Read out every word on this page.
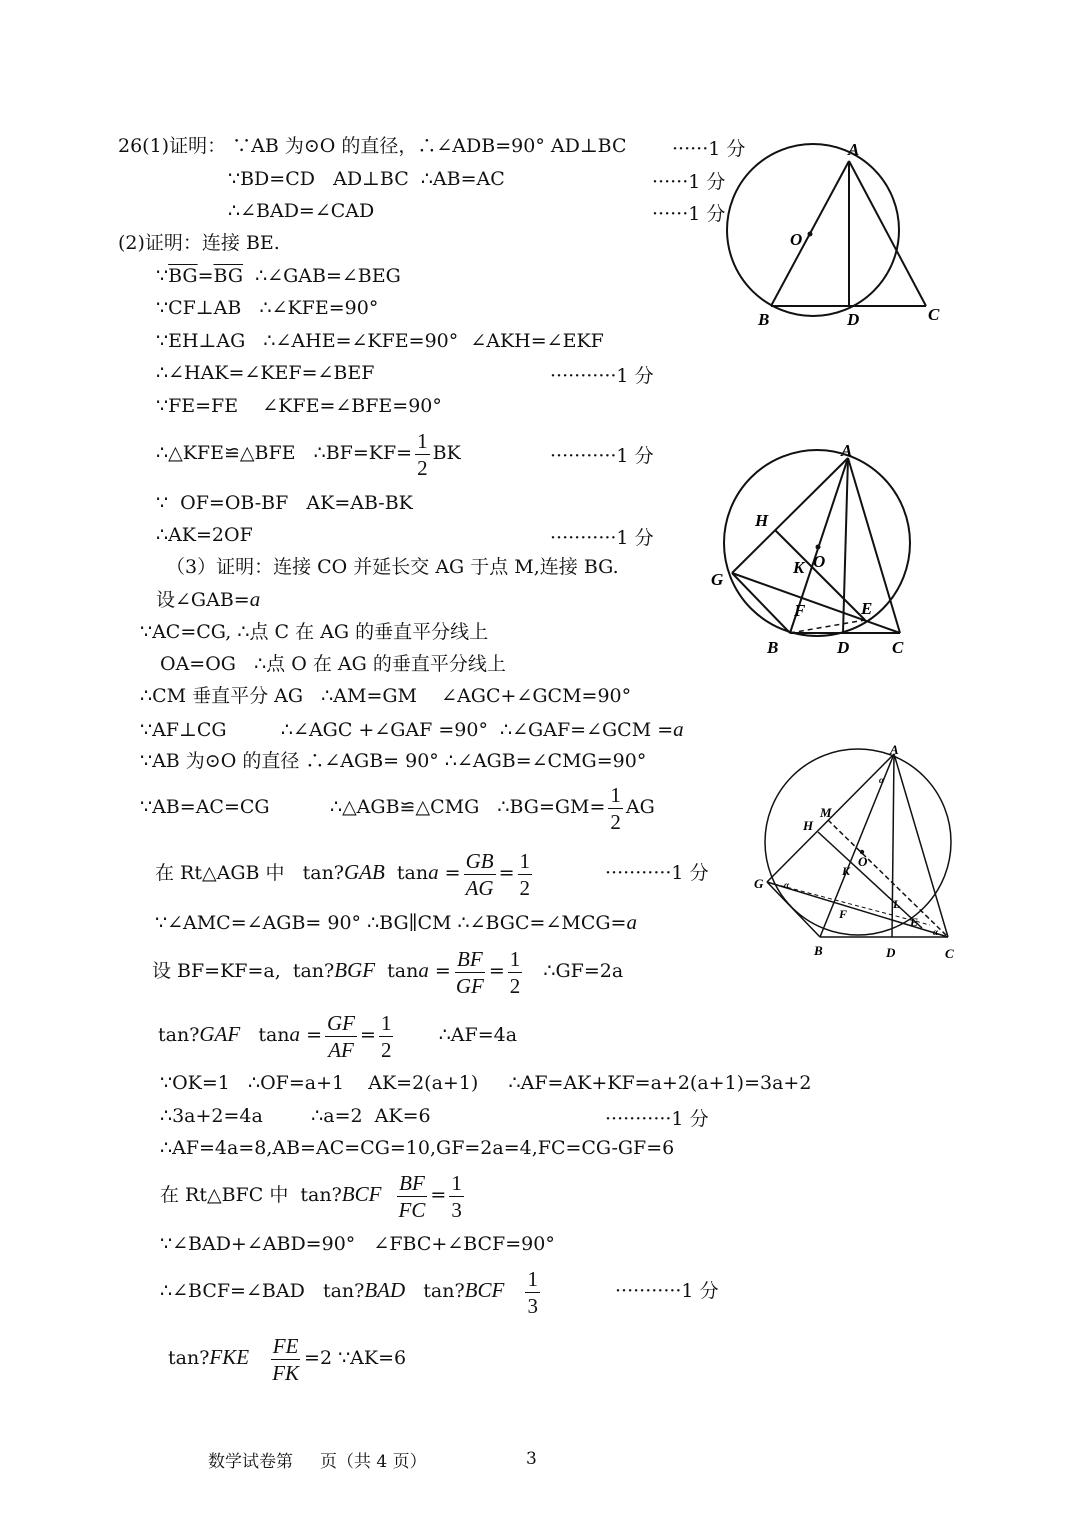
26(1)证明： ∵AB 为⊙O 的直径，∴∠ADB=90° AD⊥BC ······1 分
∵BD=CD   AD⊥BC  ∴AB=AC	······1 分
∴∠BAD=∠CAD	······1 分
(2)证明：连接 BE.
$\because\overline{BG}=\overline{BG}$  ∴∠GAB=∠BEG
∵CF⊥AB   ∴∠KFE=90°
∵EH⊥AG   ∴∠AHE=∠KFE=90°  ∠AKH=∠EKF
∴∠HAK=∠KEF=∠BEF	···········1 分
∵FE=FE    ∠KFE=∠BFE=90°
∴△KFE≌△BFE   ∴BF=KF= $\frac{1}{2}$ BK	···········1 分
∵  OF=OB-BF   AK=AB-BK
∴AK=2OF	···········1 分
（3）证明：连接 CO 并延长交 AG 于点 M,连接 BG.
设∠GAB=a
∵AC=CG, ∴点 C 在 AG 的垂直平分线上
OA=OG   ∴点 O 在 AG 的垂直平分线上
∴CM 垂直平分 AG   ∴AM=GM    ∠AGC+∠GCM=90°
∵AF⊥CG         ∴∠AGC +∠GAF =90°  ∴∠GAF=∠GCM =a
∵AB 为⊙O 的直径 ∴∠AGB= 90° ∴∠AGB=∠CMG=90°
∵AB=AC=CG          ∴△AGB≌△CMG   ∴BG=GM= $\frac{1}{2}$ AG
在 Rt△AGB 中   tan?GAB  $\tan a = \frac{GB}{AG} = \frac{1}{2}$	···········1 分
∵∠AMC=∠AGB= 90° ∴BG∥CM ∴∠BGC=∠MCG=a
设 BF=KF=a,  tan?BGF  $\tan a = \frac{BF}{GF} = \frac{1}{2}$ ∴GF=2a
tan?GAF   $\tan a = \frac{GF}{AF} = \frac{1}{2}$ ∴AF=4a
∵OK=1   ∴OF=a+1    AK=2(a+1)     ∴AF=AK+KF=a+2(a+1)=3a+2
∴3a+2=4a        ∴a=2  AK=6	···········1 分
∴AF=4a=8,AB=AC=CG=10,GF=2a=4,FC=CG-GF=6
在 Rt△BFC 中  tan?BCF $\frac{BF}{FC} = \frac{1}{3}$
∵∠BAD+∠ABD=90°   ∠FBC+∠BCF=90°
∴∠BCF=∠BAD tan?BAD tan?BCF $\frac{1}{3}$	···········1 分
tan?FKE $\frac{FE}{FK} =2$ ∵AK=6
A
O
B	D	C
A
H
K O
G
F	E
B	D	C
A
M
H
O
K
G
F
L
E
B	D	C
α
α
α
数学试卷第     页（共 4 页）	3
